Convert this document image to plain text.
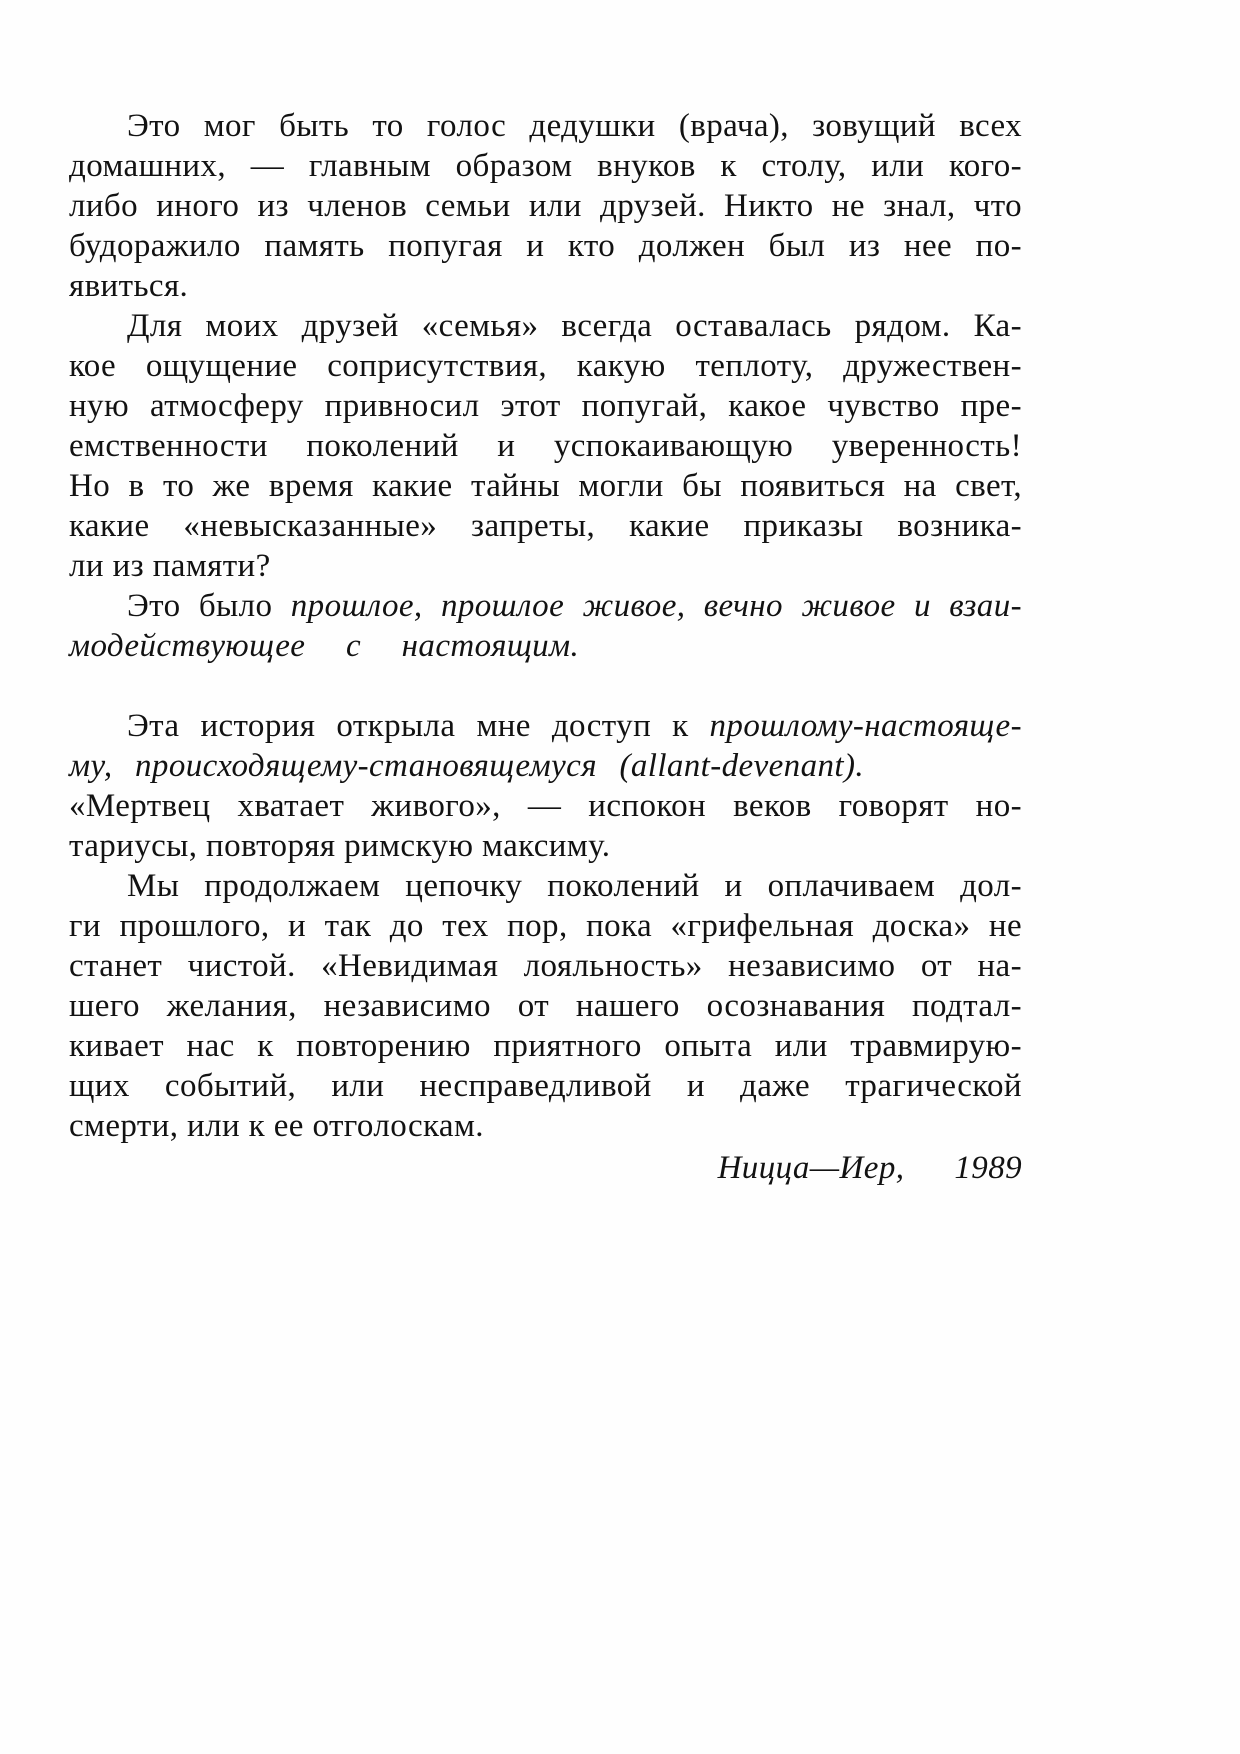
Это мог быть то голос дедушки (врача), зовущий всех
домашних, — главным образом внуков к столу, или кого-
либо иного из членов семьи или друзей. Никто не знал, что
будоражило память попугая и кто должен был из нее по-
явиться.
Для моих друзей «семья» всегда оставалась рядом. Ка-
кое ощущение соприсутствия, какую теплоту, дружествен-
ную атмосферу привносил этот попугай, какое чувство пре-
емственности поколений и успокаивающую уверенность!
Но в то же время какие тайны могли бы появиться на свет,
какие «невысказанные» запреты, какие приказы возника-
ли из памяти?
Это было прошлое, прошлое живое, вечно живое и взаи-
модействующее с настоящим.
Эта история открыла мне доступ к прошлому-настояще-
му, происходящему-становящемуся (allant-devenant).
«Мертвец хватает живого», — испокон веков говорят но-
тариусы, повторяя римскую максиму.
Мы продолжаем цепочку поколений и оплачиваем дол-
ги прошлого, и так до тех пор, пока «грифельная доска» не
станет чистой. «Невидимая лояльность» независимо от на-
шего желания, независимо от нашего осознавания подтал-
кивает нас к повторению приятного опыта или травмирую-
щих событий, или несправедливой и даже трагической
смерти, или к ее отголоскам.
Ницца—Иер, 1989
